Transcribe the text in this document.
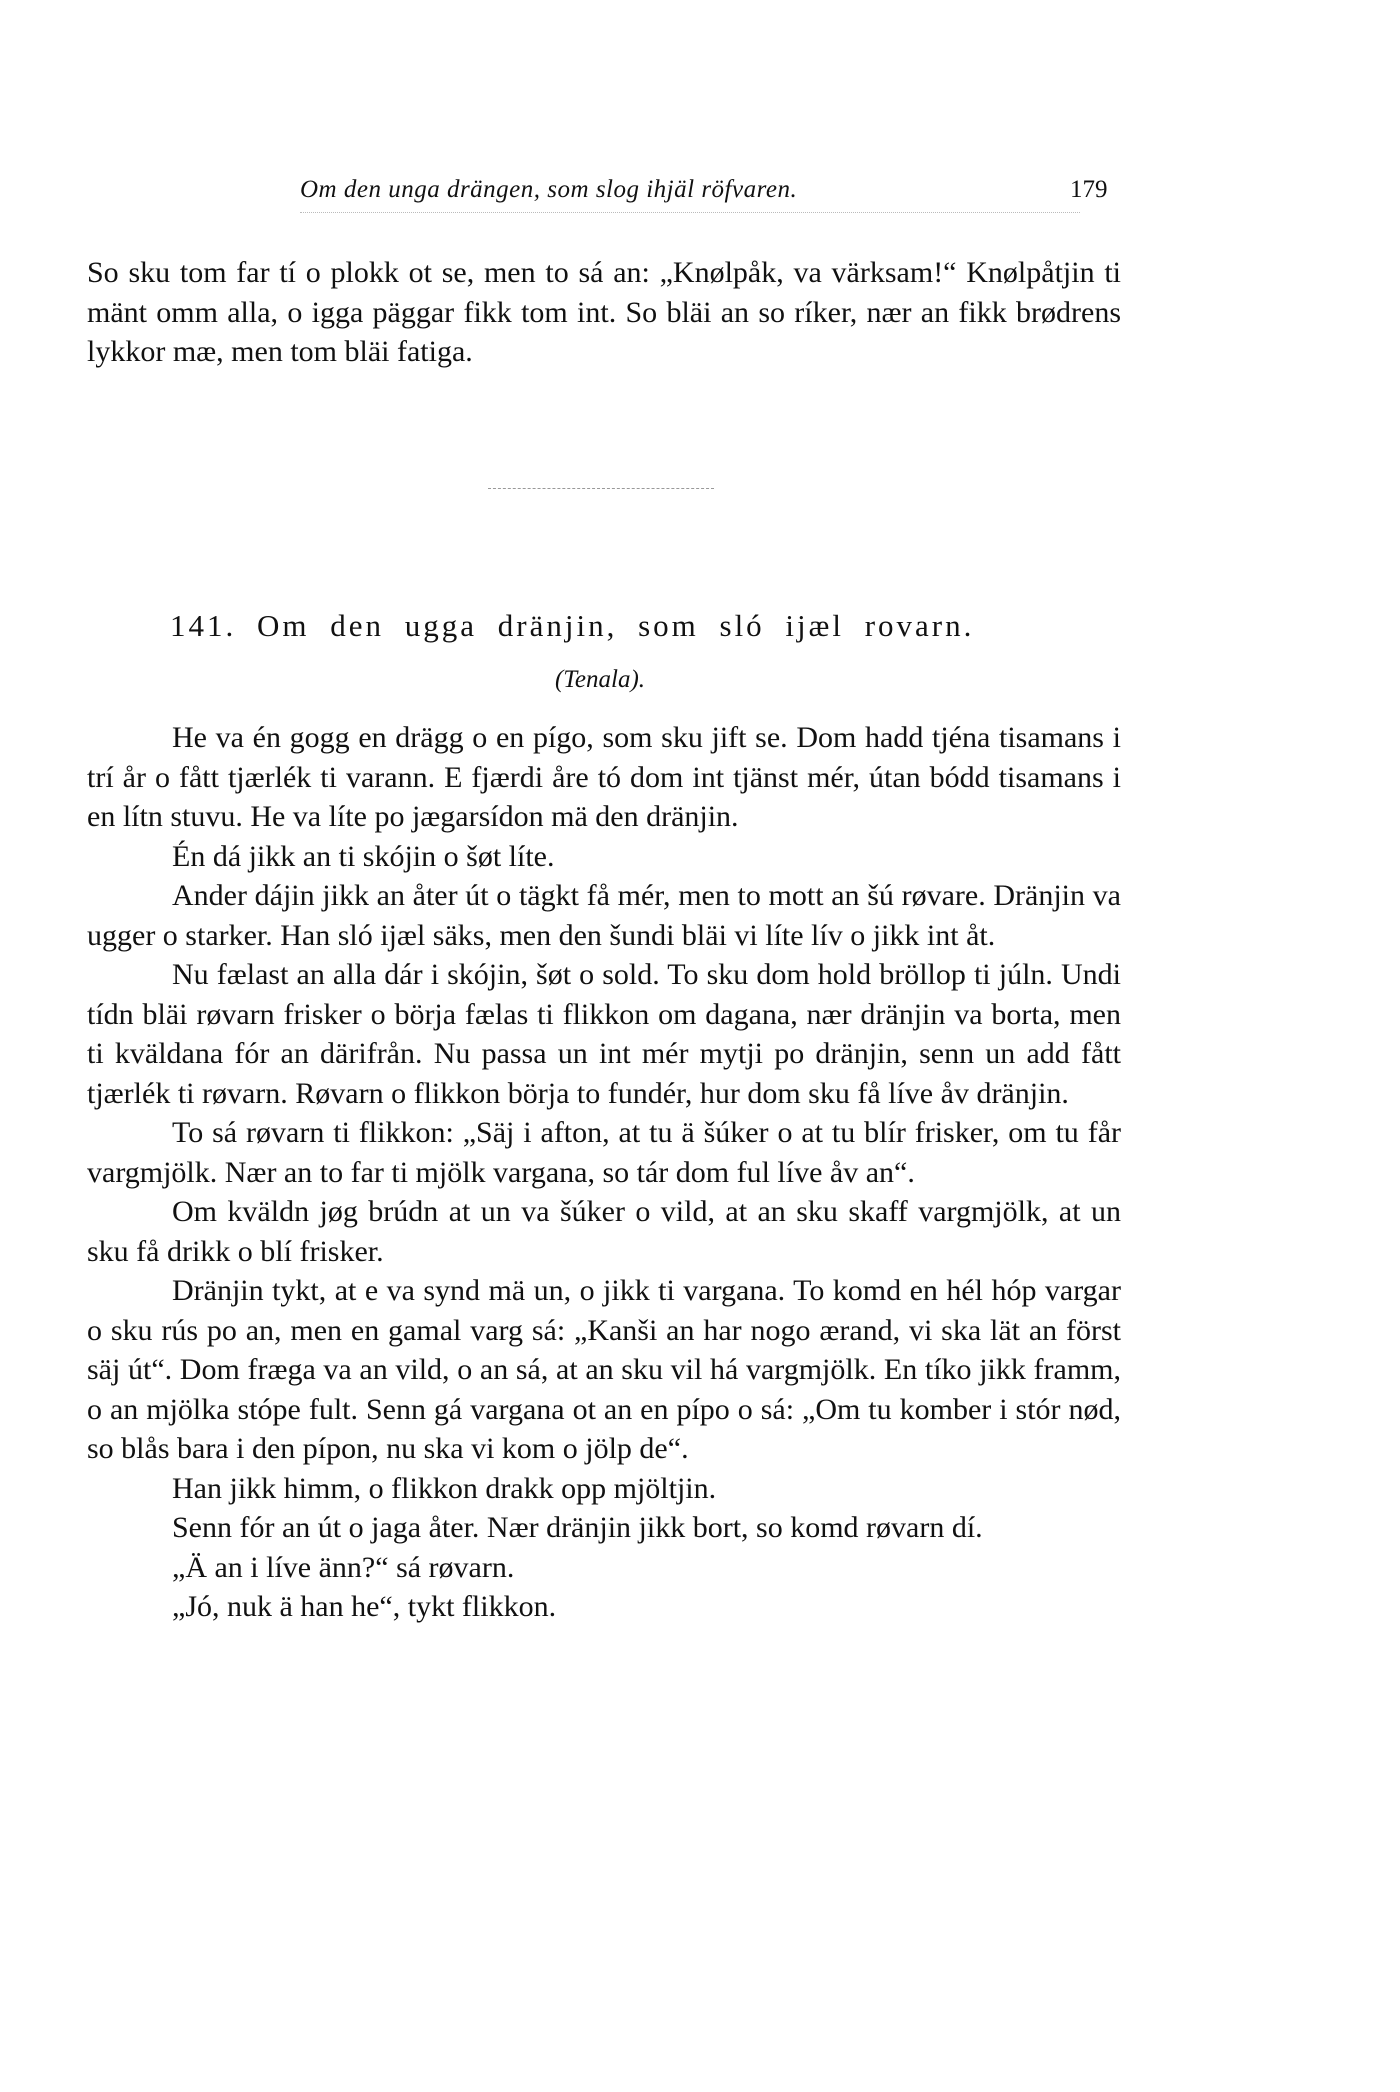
Om den unga drängen, som slog ihjäl röfvaren.	179

So sku tom far tí o plokk ot se, men to sá an: „Knølpåk, va värksam!“ Knølpåtjin ti mänt omm alla, o igga päggar fikk tom int. So bläi an so ríker, nær an fikk brødrens lykkor mæ, men tom bläi fatiga.

141. Om den ugga dränjin, som sló ijæl rovarn.
(Tenala).

He va én gogg en drägg o en pígo, som sku jift se. Dom hadd tjéna tisamans i trí år o fått tjærlék ti varann. E fjærdi åre tó dom int tjänst mér, útan bódd tisamans i en lítn stuvu. He va líte po jægarsídon mä den dränjin.

Én dá jikk an ti skójin o šøt líte.

Ander dájin jikk an åter út o tägkt få mér, men to mott an šú røvare. Dränjin va ugger o starker. Han sló ijæl säks, men den šundi bläi vi líte lív o jikk int åt.

Nu fælast an alla dár i skójin, šøt o sold. To sku dom hold bröllop ti júln. Undi tídn bläi røvarn frisker o börja fælas ti flikkon om dagana, nær dränjin va borta, men ti kväldana fór an därifrån. Nu passa un int mér mytji po dränjin, senn un add fått tjærlék ti røvarn. Røvarn o flikkon börja to fundér, hur dom sku få líve åv dränjin.

To sá røvarn ti flikkon: „Säj i afton, at tu ä šúker o at tu blír frisker, om tu får vargmjölk. Nær an to far ti mjölk vargana, so tár dom ful líve åv an“.

Om kväldn jøg brúdn at un va šúker o vild, at an sku skaff vargmjölk, at un sku få drikk o blí frisker.

Dränjin tykt, at e va synd mä un, o jikk ti vargana. To komd en hél hóp vargar o sku rús po an, men en gamal varg sá: „Kanši an har nogo ærand, vi ska lät an först säj út“. Dom fræga va an vild, o an sá, at an sku vil há vargmjölk. En tíko jikk framm, o an mjölka stópe fult. Senn gá vargana ot an en pípo o sá: „Om tu komber i stór nød, so blås bara i den pípon, nu ska vi kom o jölp de“.

Han jikk himm, o flikkon drakk opp mjöltjin.

Senn fór an út o jaga åter. Nær dränjin jikk bort, so komd røvarn dí.

„Ä an i líve änn?“ sá røvarn.

„Jó, nuk ä han he“, tykt flikkon.
